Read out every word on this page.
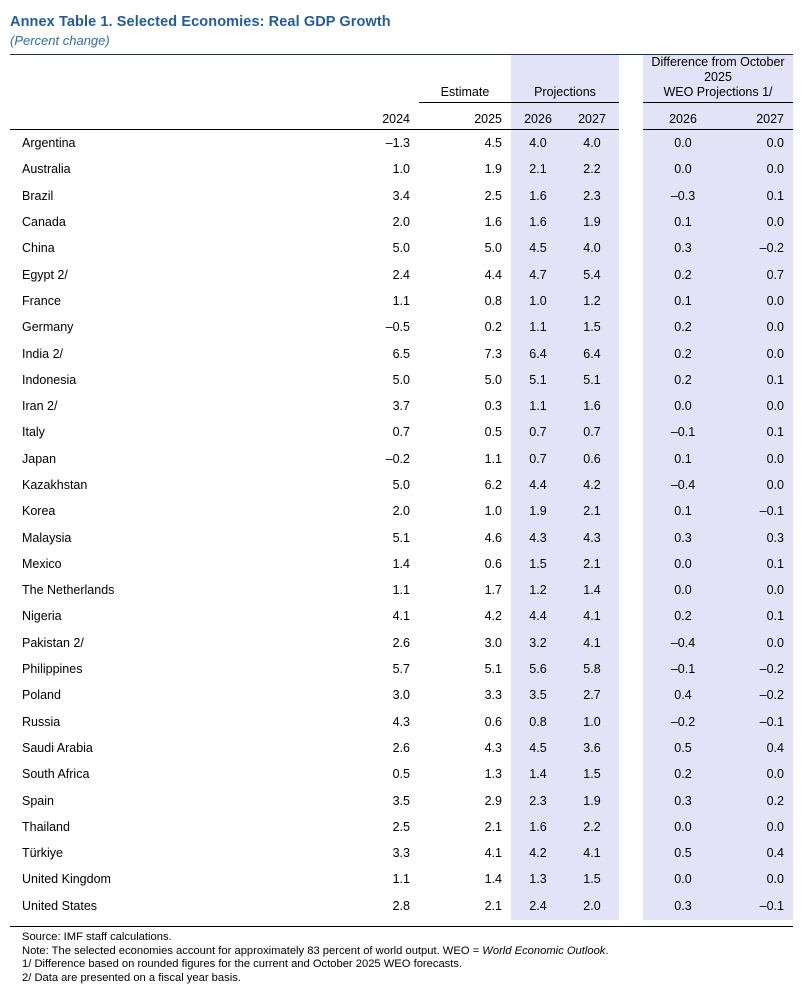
Annex Table 1. Selected Economies: Real GDP Growth
(Percent change)

		Estimate	Projections			Difference from October 2025
WEO Projections 1/	

	2024	2025	2026	2027		2026	2027
Argentina	–1.3	4.5	4.0	4.0		0.0	0.0
Australia	1.0	1.9	2.1	2.2		0.0	0.0
Brazil	3.4	2.5	1.6	2.3		–0.3	0.1
Canada	2.0	1.6	1.6	1.9		0.1	0.0
China	5.0	5.0	4.5	4.0		0.3	–0.2
Egypt 2/	2.4	4.4	4.7	5.4		0.2	0.7
France	1.1	0.8	1.0	1.2		0.1	0.0
Germany	–0.5	0.2	1.1	1.5		0.2	0.0
India 2/	6.5	7.3	6.4	6.4		0.2	0.0
Indonesia	5.0	5.0	5.1	5.1		0.2	0.1
Iran 2/	3.7	0.3	1.1	1.6		0.0	0.0
Italy	0.7	0.5	0.7	0.7		–0.1	0.1
Japan	–0.2	1.1	0.7	0.6		0.1	0.0
Kazakhstan	5.0	6.2	4.4	4.2		–0.4	0.0
Korea	2.0	1.0	1.9	2.1		0.1	–0.1
Malaysia	5.1	4.6	4.3	4.3		0.3	0.3
Mexico	1.4	0.6	1.5	2.1		0.0	0.1
The Netherlands	1.1	1.7	1.2	1.4		0.0	0.0
Nigeria	4.1	4.2	4.4	4.1		0.2	0.1
Pakistan 2/	2.6	3.0	3.2	4.1		–0.4	0.0
Philippines	5.7	5.1	5.6	5.8		–0.1	–0.2
Poland	3.0	3.3	3.5	2.7		0.4	–0.2
Russia	4.3	0.6	0.8	1.0		–0.2	–0.1
Saudi Arabia	2.6	4.3	4.5	3.6		0.5	0.4
South Africa	0.5	1.3	1.4	1.5		0.2	0.0
Spain	3.5	2.9	2.3	1.9		0.3	0.2
Thailand	2.5	2.1	1.6	2.2		0.0	0.0
Türkiye	3.3	4.1	4.2	4.1		0.5	0.4
United Kingdom	1.1	1.4	1.3	1.5		0.0	0.0
United States	2.8	2.1	2.4	2.0		0.3	–0.1
Source: IMF staff calculations.
Note: The selected economies account for approximately 83 percent of world output. WEO = World Economic Outlook.
1/ Difference based on rounded figures for the current and October 2025 WEO forecasts.
2/ Data are presented on a fiscal year basis.
